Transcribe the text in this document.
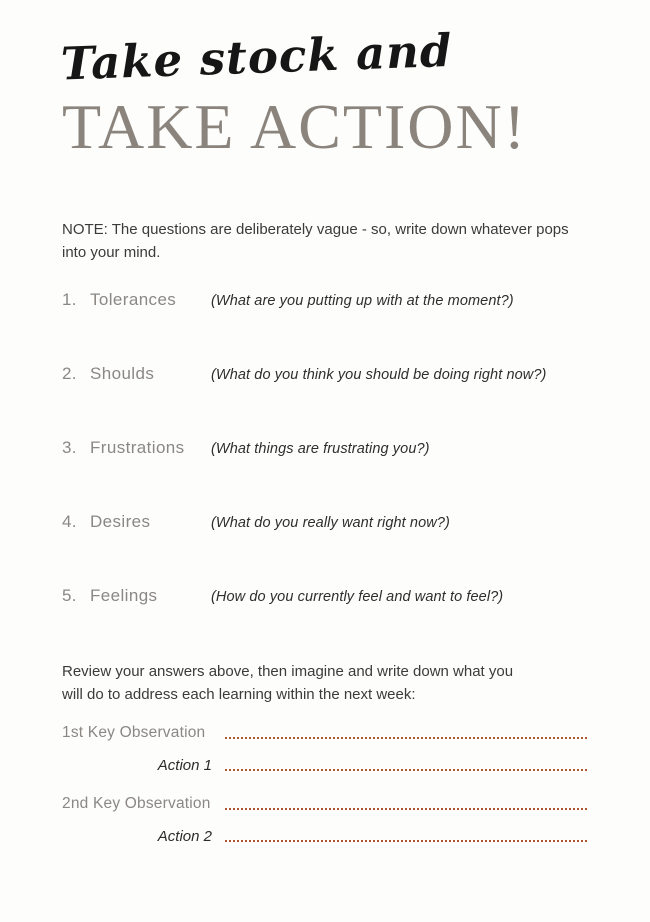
Take stock and
TAKE ACTION!

NOTE: The questions are deliberately vague - so, write down whatever pops into your mind.

1. Tolerances	(What are you putting up with at the moment?)
2. Shoulds	(What do you think you should be doing right now?)
3. Frustrations	(What things are frustrating you?)
4. Desires	(What do you really want right now?)
5. Feelings	(How do you currently feel and want to feel?)

Review your answers above, then imagine and write down what you will do to address each learning within the next week:

1st Key Observation
Action 1
2nd Key Observation
Action 2
